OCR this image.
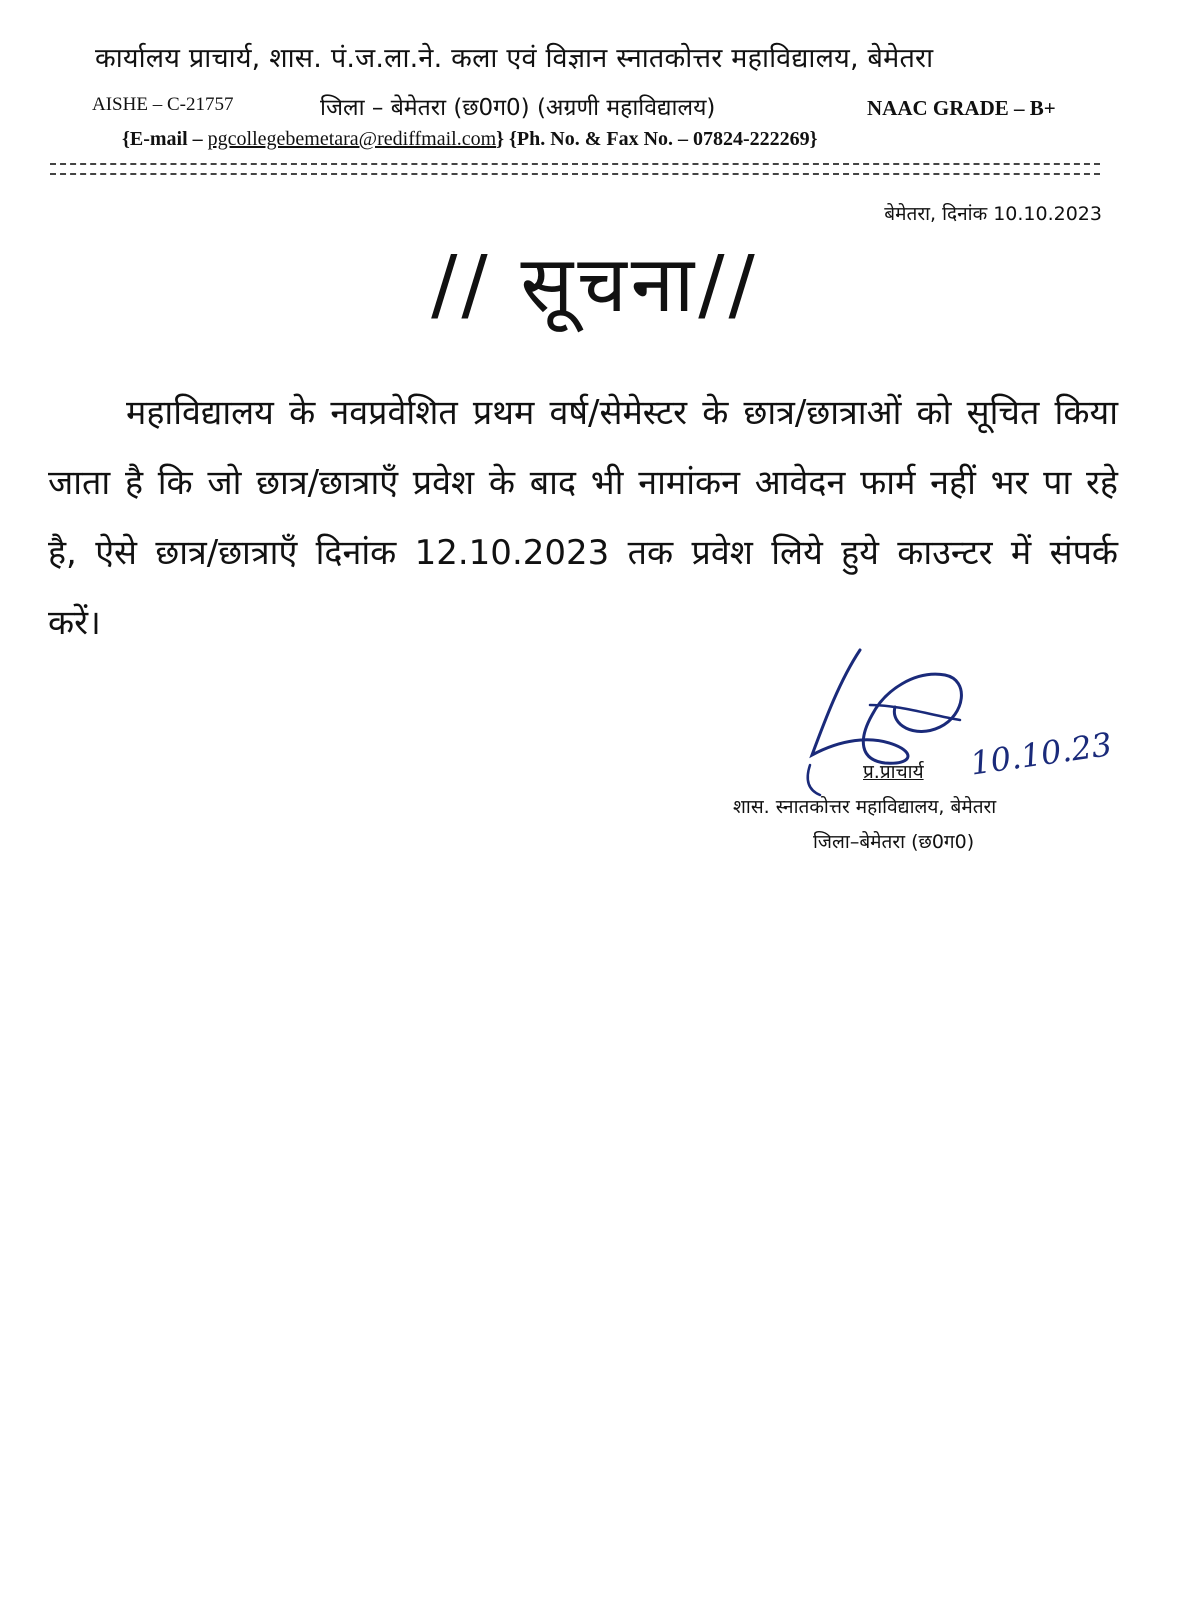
कार्यालय प्राचार्य, शास. पं.ज.ला.ने. कला एवं विज्ञान स्नातकोत्तर महाविद्यालय, बेमेतरा
AISHE – C-21757	जिला – बेमेतरा (छ0ग0) (अग्रणी महाविद्यालय)	NAAC GRADE – B+
{E-mail – pgcollegebemetara@rediffmail.com} {Ph. No. & Fax No. – 07824-222269}
बेमेतरा, दिनांक 10.10.2023
// सूचना//
महाविद्यालय के नवप्रवेशित प्रथम वर्ष/सेमेस्टर के छात्र/छात्राओं को सूचित किया जाता है कि जो छात्र/छात्राएँ प्रवेश के बाद भी नामांकन आवेदन फार्म नहीं भर पा रहे है, ऐसे छात्र/छात्राएँ दिनांक 12.10.2023 तक प्रवेश लिये हुये काउन्टर में संपर्क करें।
10.10.23
प्र.प्राचार्य
शास. स्नातकोत्तर महाविद्यालय, बेमेतरा
जिला–बेमेतरा (छ0ग0)
